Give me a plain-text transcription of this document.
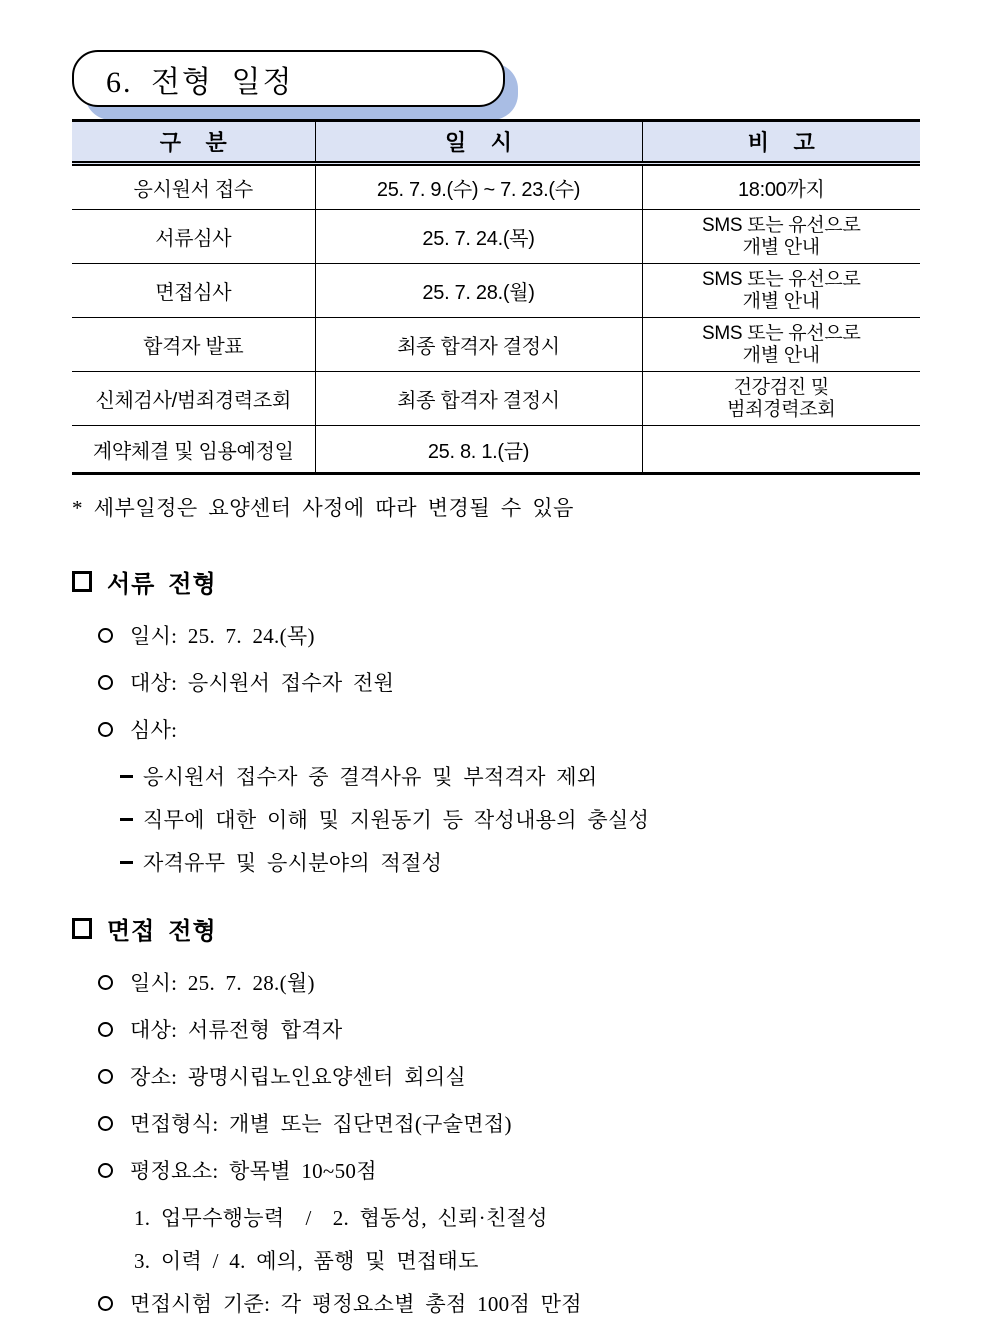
6. 전형 일정
구    분	일    시	비    고
응시원서 접수	25. 7. 9.(수) ~ 7. 23.(수)	18:00까지
서류심사	25. 7. 24.(목)	SMS 또는 유선으로
개별 안내

면접심사	25. 7. 28.(월)	SMS 또는 유선으로
개별 안내

합격자 발표	최종 합격자 결정시	SMS 또는 유선으로
개별 안내

신체검사/범죄경력조회	최종 합격자 결정시	건강검진 및
범죄경력조회

계약체결 및 임용예정일	25. 8. 1.(금)	

* 세부일정은 요양센터 사정에 따라 변경될 수 있음

서류 전형
일시: 25. 7. 24.(목)
대상: 응시원서 접수자 전원
심사:
응시원서 접수자 중 결격사유 및 부적격자 제외
직무에 대한 이해 및 지원동기 등 작성내용의 충실성
자격유무 및 응시분야의 적절성
면접 전형
일시: 25. 7. 28.(월)
대상: 서류전형 합격자
장소: 광명시립노인요양센터 회의실
면접형식: 개별 또는 집단면접(구술면접)
평정요소: 항목별 10~50점
1. 업무수행능력  /  2. 협동성, 신뢰·친절성
3. 이력 / 4. 예의, 품행 및 면접태도
면접시험 기준: 각 평정요소별 총점 100점 만점
